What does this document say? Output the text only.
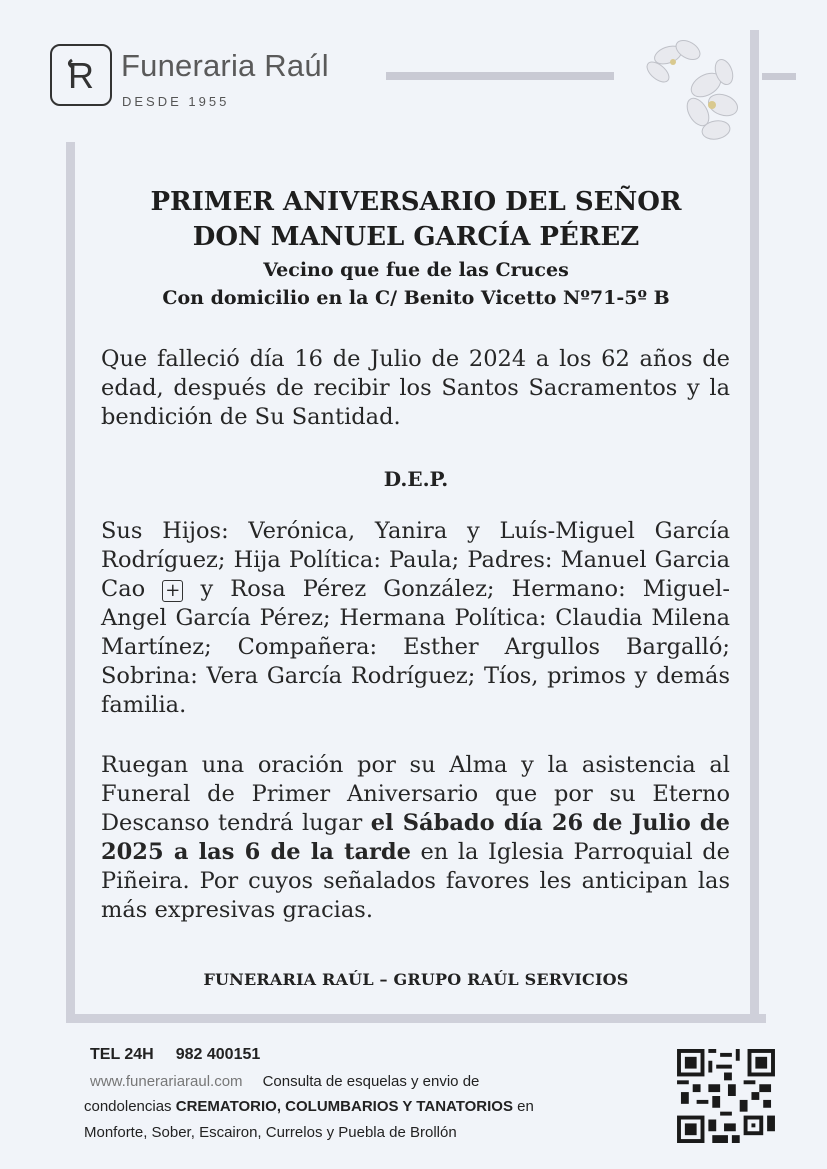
R Funeraria Raúl
DESDE 1955
PRIMER ANIVERSARIO DEL SEÑOR
DON MANUEL GARCÍA PÉREZ
Vecino que fue de las Cruces
Con domicilio en la C/ Benito Vicetto Nº71-5º B
Que falleció día 16 de Julio de 2024 a los 62 años de edad, después de recibir los Santos Sacramentos y la bendición de Su Santidad.
D.E.P.
Sus Hijos: Verónica, Yanira y Luís-Miguel García Rodríguez; Hija Política: Paula; Padres: Manuel Garcia Cao + y Rosa Pérez González; Hermano: Miguel- Angel García Pérez; Hermana Política: Claudia Milena Martínez; Compañera: Esther Argullos Bargalló; Sobrina: Vera García Rodríguez; Tíos, primos y demás familia.
Ruegan una oración por su Alma y la asistencia al Funeral de Primer Aniversario que por su Eterno Descanso tendrá lugar el Sábado día 26 de Julio de 2025 a las 6 de la tarde en la Iglesia Parroquial de Piñeira. Por cuyos señalados favores les anticipan las más expresivas gracias.
FUNERARIA RAÚL – GRUPO RAÚL SERVICIOS
TEL 24H 982 400151
www.funerariaraul.com Consulta de esquelas y envio de
condolencias CREMATORIO, COLUMBARIOS Y TANATORIOS en
Monforte, Sober, Escairon, Currelos y Puebla de Brollón
